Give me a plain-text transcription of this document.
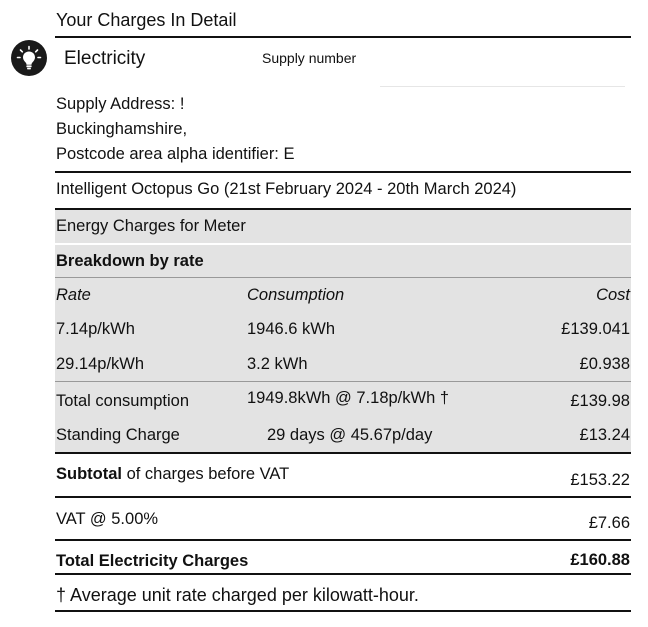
Your Charges In Detail
Electricity	Supply number
Supply Address: !
Buckinghamshire,
Postcode area alpha identifier: E
Intelligent Octopus Go (21st February 2024 - 20th March 2024)
Energy Charges for Meter
Breakdown by rate
Rate	Consumption	Cost
7.14p/kWh	1946.6 kWh	£139.041
29.14p/kWh	3.2 kWh	£0.938
Total consumption	1949.8kWh @ 7.18p/kWh †	£139.98
Standing Charge	29 days @ 45.67p/day	£13.24
Subtotal of charges before VAT	£153.22
VAT @ 5.00%	£7.66
Total Electricity Charges	£160.88
† Average unit rate charged per kilowatt-hour.
